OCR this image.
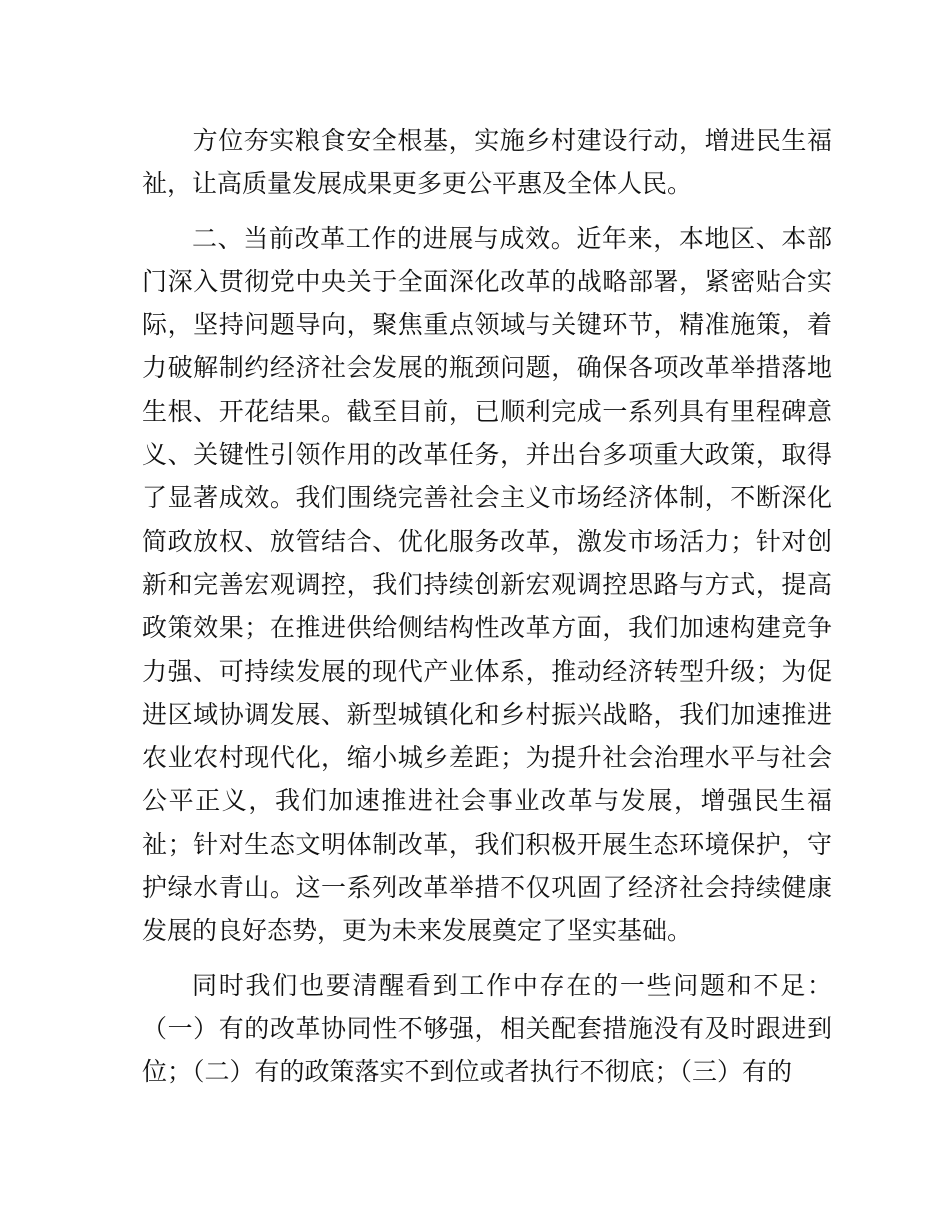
方位夯实粮食安全根基，实施乡村建设行动，增进民生福祉，让高质量发展成果更多更公平惠及全体人民。

二、当前改革工作的进展与成效。近年来，本地区、本部门深入贯彻党中央关于全面深化改革的战略部署，紧密贴合实际，坚持问题导向，聚焦重点领域与关键环节，精准施策，着力破解制约经济社会发展的瓶颈问题，确保各项改革举措落地生根、开花结果。截至目前，已顺利完成一系列具有里程碑意义、关键性引领作用的改革任务，并出台多项重大政策，取得了显著成效。我们围绕完善社会主义市场经济体制，不断深化简政放权、放管结合、优化服务改革，激发市场活力；针对创新和完善宏观调控，我们持续创新宏观调控思路与方式，提高政策效果；在推进供给侧结构性改革方面，我们加速构建竞争力强、可持续发展的现代产业体系，推动经济转型升级；为促进区域协调发展、新型城镇化和乡村振兴战略，我们加速推进农业农村现代化，缩小城乡差距；为提升社会治理水平与社会公平正义，我们加速推进社会事业改革与发展，增强民生福祉；针对生态文明体制改革，我们积极开展生态环境保护，守护绿水青山。这一系列改革举措不仅巩固了经济社会持续健康发展的良好态势，更为未来发展奠定了坚实基础。

同时我们也要清醒看到工作中存在的一些问题和不足：（一）有的改革协同性不够强，相关配套措施没有及时跟进到位；（二）有的政策落实不到位或者执行不彻底；（三）有的
